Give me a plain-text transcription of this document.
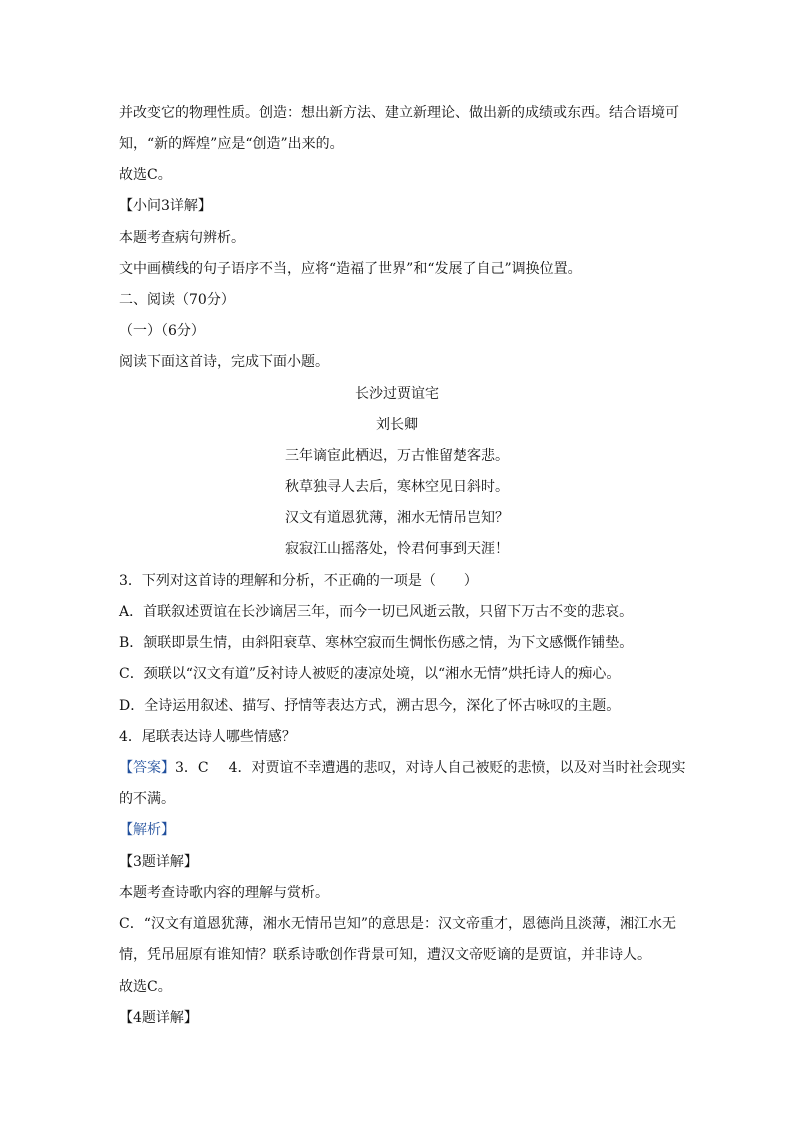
并改变它的物理性质。创造：想出新方法、建立新理论、做出新的成绩或东西。结合语境可
知，“新的辉煌”应是“创造”出来的。
故选C。
【小问3详解】
本题考查病句辨析。
文中画横线的句子语序不当，应将“造福了世界”和“发展了自己”调换位置。
二、阅读（70分）
（一）（6分）
阅读下面这首诗，完成下面小题。
长沙过贾谊宅
刘长卿
三年谪宦此栖迟，万古惟留楚客悲。
秋草独寻人去后，寒林空见日斜时。
汉文有道恩犹薄，湘水无情吊岂知？
寂寂江山摇落处，怜君何事到天涯！
3．下列对这首诗的理解和分析，不正确的一项是（　　）
A．首联叙述贾谊在长沙谪居三年，而今一切已风逝云散，只留下万古不变的悲哀。
B．颔联即景生情，由斜阳衰草、寒林空寂而生惆怅伤感之情，为下文感慨作铺垫。
C．颈联以“汉文有道”反衬诗人被贬的凄凉处境，以“湘水无情”烘托诗人的痴心。
D．全诗运用叙述、描写、抒情等表达方式，溯古思今，深化了怀古咏叹的主题。
4．尾联表达诗人哪些情感？
【答案】3．C 4．对贾谊不幸遭遇的悲叹，对诗人自己被贬的悲愤，以及对当时社会现实
的不满。
【解析】
【3题详解】
本题考查诗歌内容的理解与赏析。
C．“汉文有道恩犹薄，湘水无情吊岂知”的意思是：汉文帝重才，恩德尚且淡薄，湘江水无
情，凭吊屈原有谁知情？联系诗歌创作背景可知，遭汉文帝贬谪的是贾谊，并非诗人。
故选C。
【4题详解】
